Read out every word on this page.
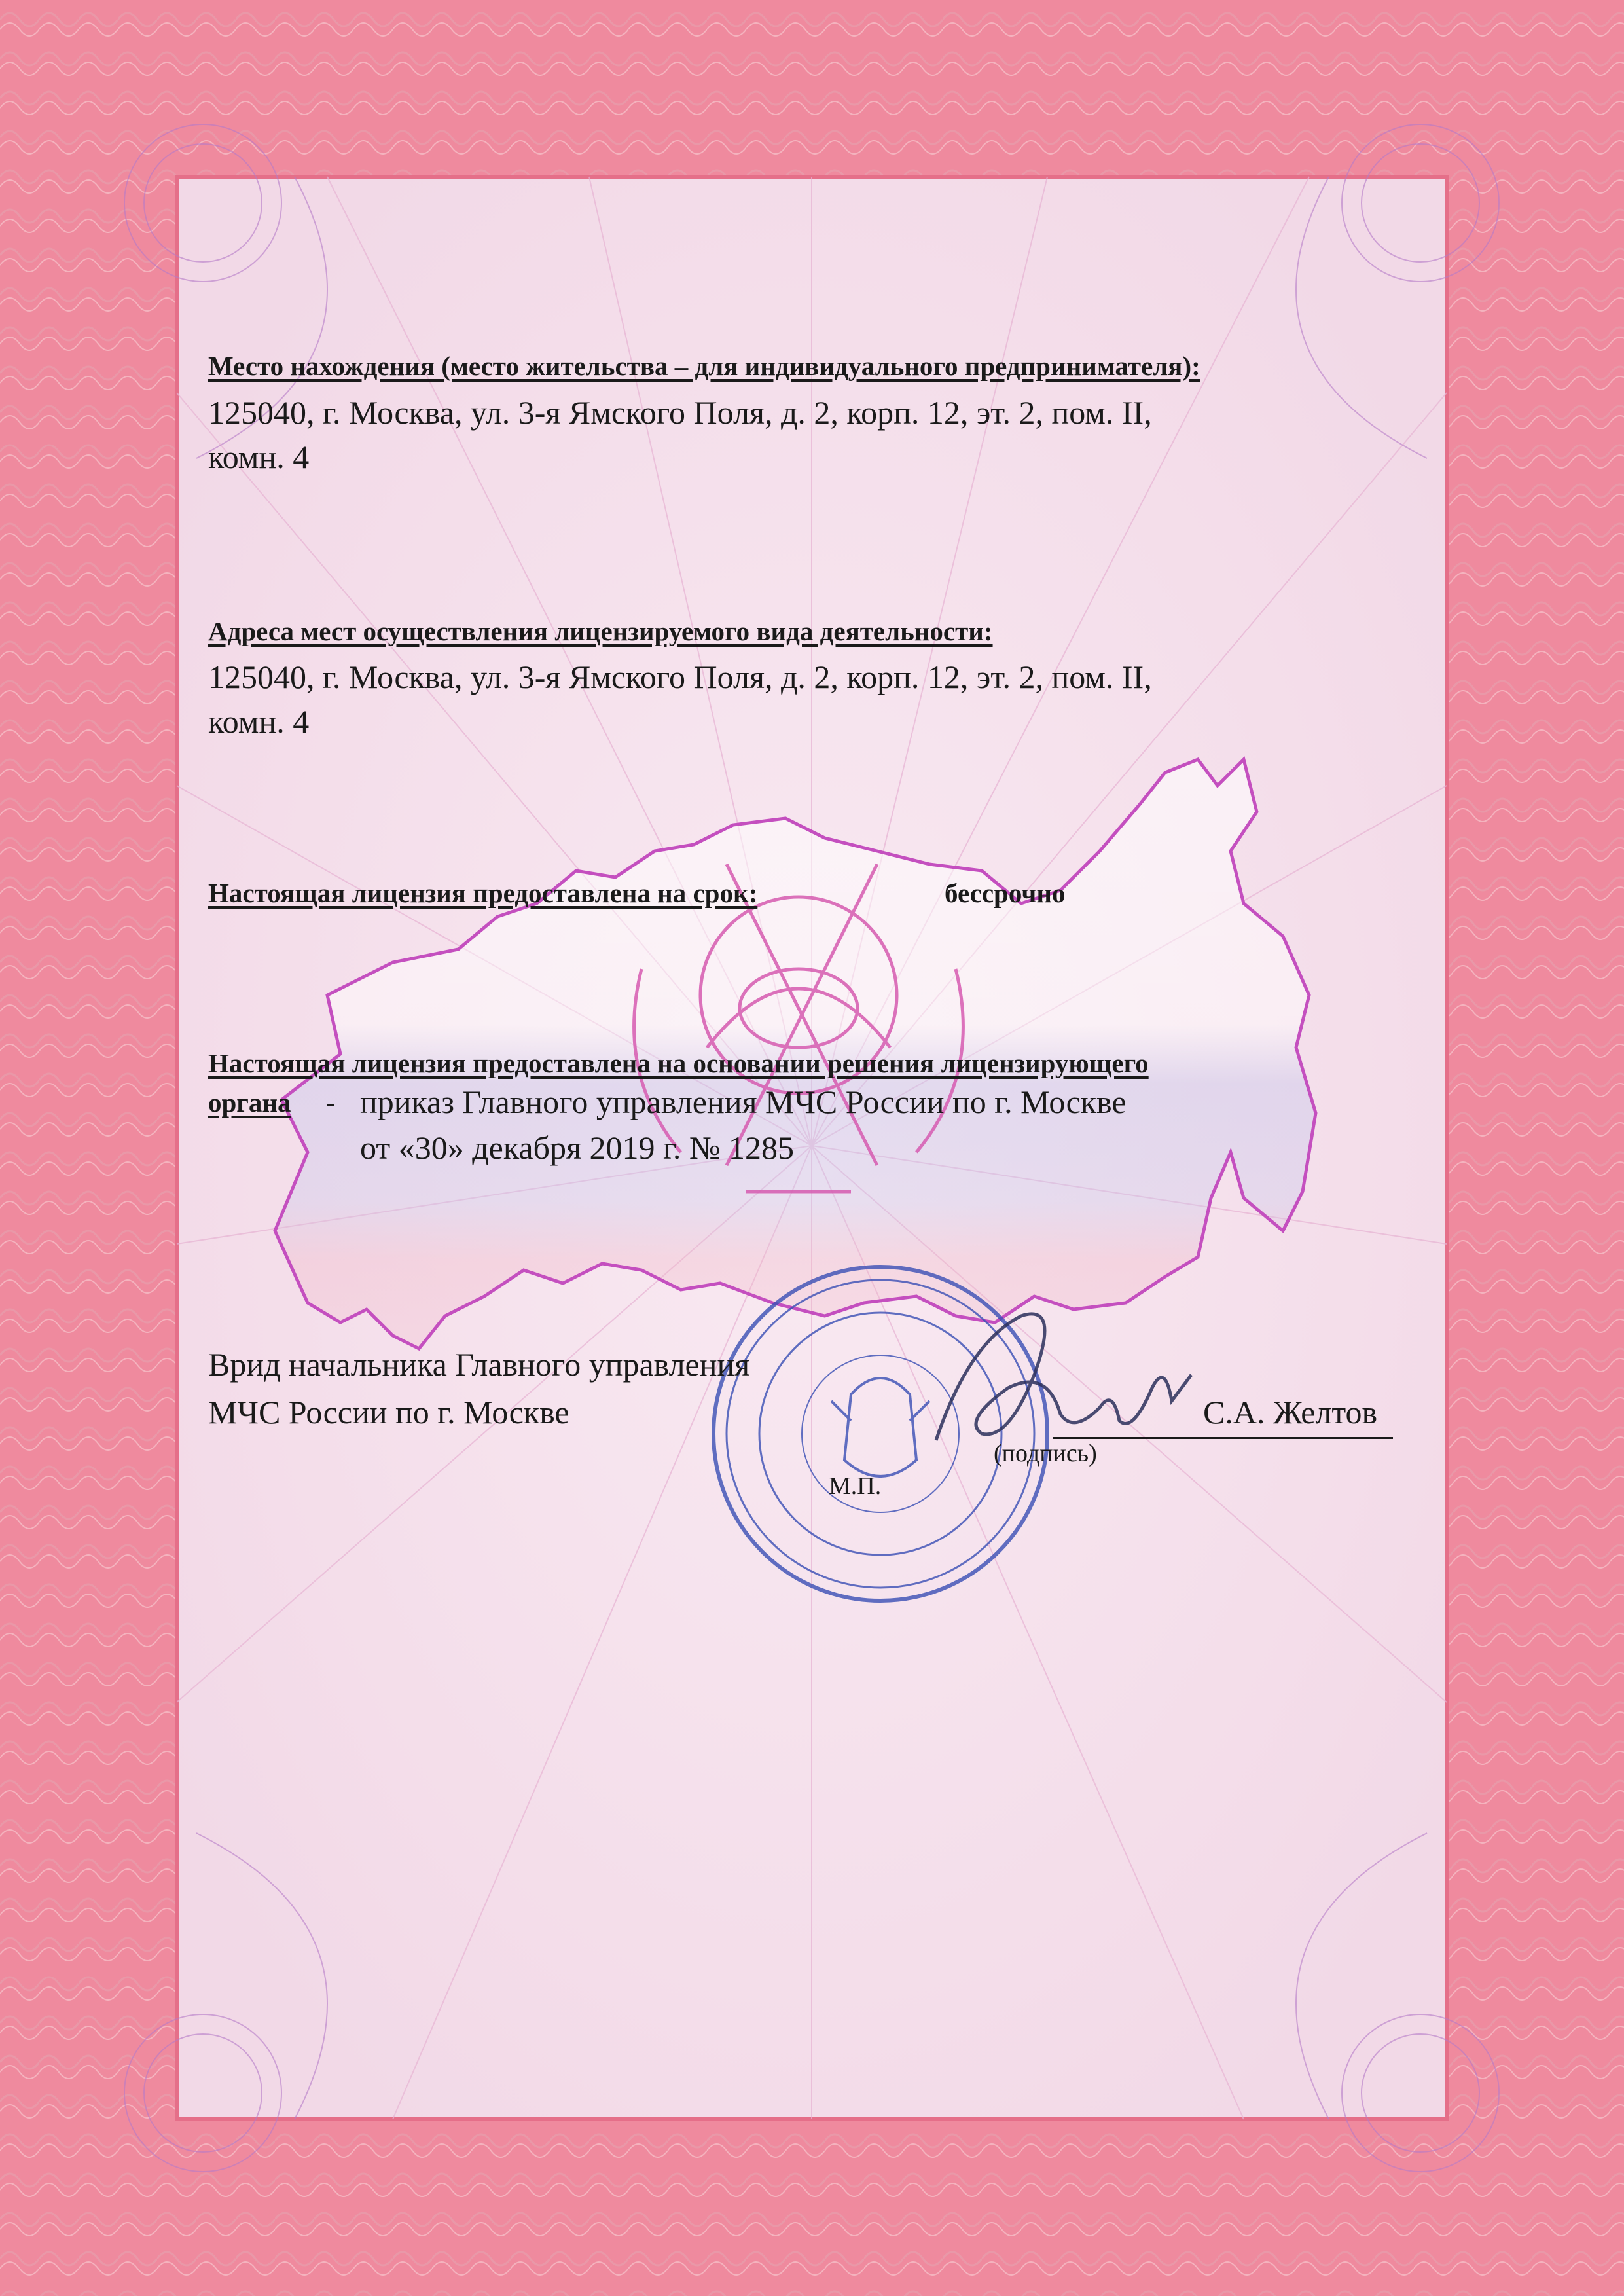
Место нахождения (место жительства – для индивидуального предпринимателя):
125040, г. Москва, ул. 3-я Ямского Поля, д. 2, корп. 12, эт. 2, пом. II,
комн. 4
Адреса мест осуществления лицензируемого вида деятельности:
125040, г. Москва, ул. 3-я Ямского Поля, д. 2, корп. 12, эт. 2, пом. II,
комн. 4
Настоящая лицензия предоставлена на срок:	бессрочно
Настоящая лицензия предоставлена на основании решения лицензирующего
органа - приказ Главного управления МЧС России по г. Москве
от «30» декабря 2019 г. № 1285
Врид начальника Главного управления
МЧС России по г. Москве	С.А. Желтов
(подпись)
М.П.
